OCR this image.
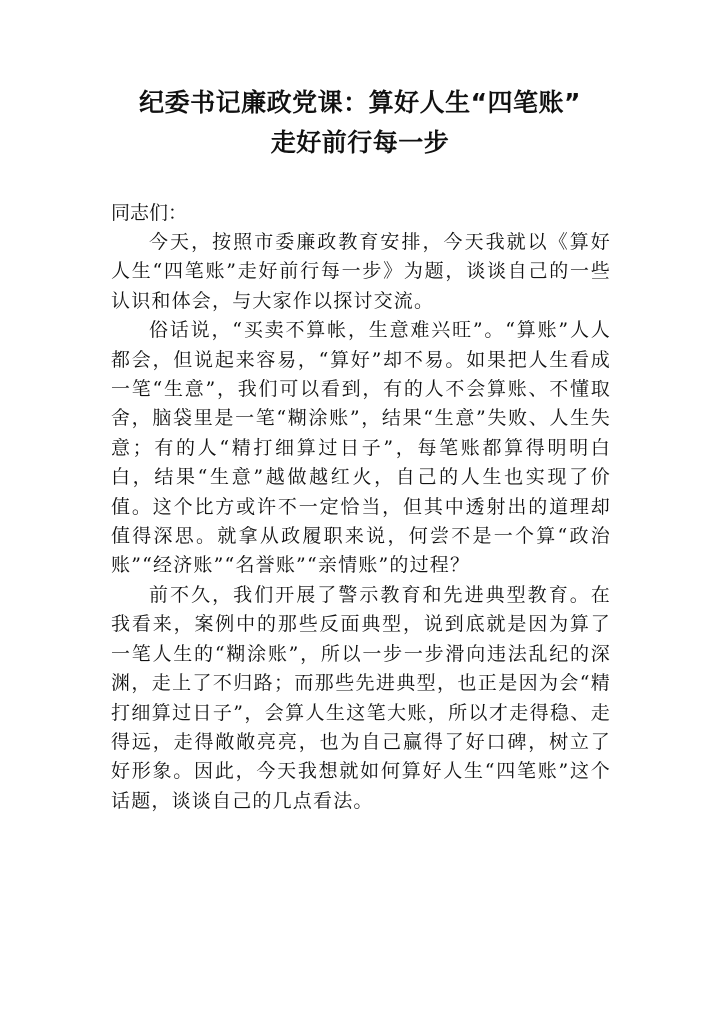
纪委书记廉政党课：算好人生“四笔账”
走好前行每一步
同志们：

今天，按照市委廉政教育安排，今天我就以《算好人生“四笔账”走好前行每一步》为题，谈谈自己的一些认识和体会，与大家作以探讨交流。

俗话说，“买卖不算帐，生意难兴旺”。“算账”人人都会，但说起来容易，“算好”却不易。如果把人生看成一笔“生意”，我们可以看到，有的人不会算账、不懂取舍，脑袋里是一笔“糊涂账”，结果“生意”失败、人生失意；有的人“精打细算过日子”，每笔账都算得明明白白，结果“生意”越做越红火，自己的人生也实现了价值。这个比方或许不一定恰当，但其中透射出的道理却值得深思。就拿从政履职来说，何尝不是一个算“政治账”“经济账”“名誉账”“亲情账”的过程？

前不久，我们开展了警示教育和先进典型教育。在我看来，案例中的那些反面典型，说到底就是因为算了一笔人生的“糊涂账”，所以一步一步滑向违法乱纪的深渊，走上了不归路；而那些先进典型，也正是因为会“精打细算过日子”，会算人生这笔大账，所以才走得稳、走得远，走得敞敞亮亮，也为自己赢得了好口碑，树立了好形象。因此，今天我想就如何算好人生“四笔账”这个话题，谈谈自己的几点看法。
